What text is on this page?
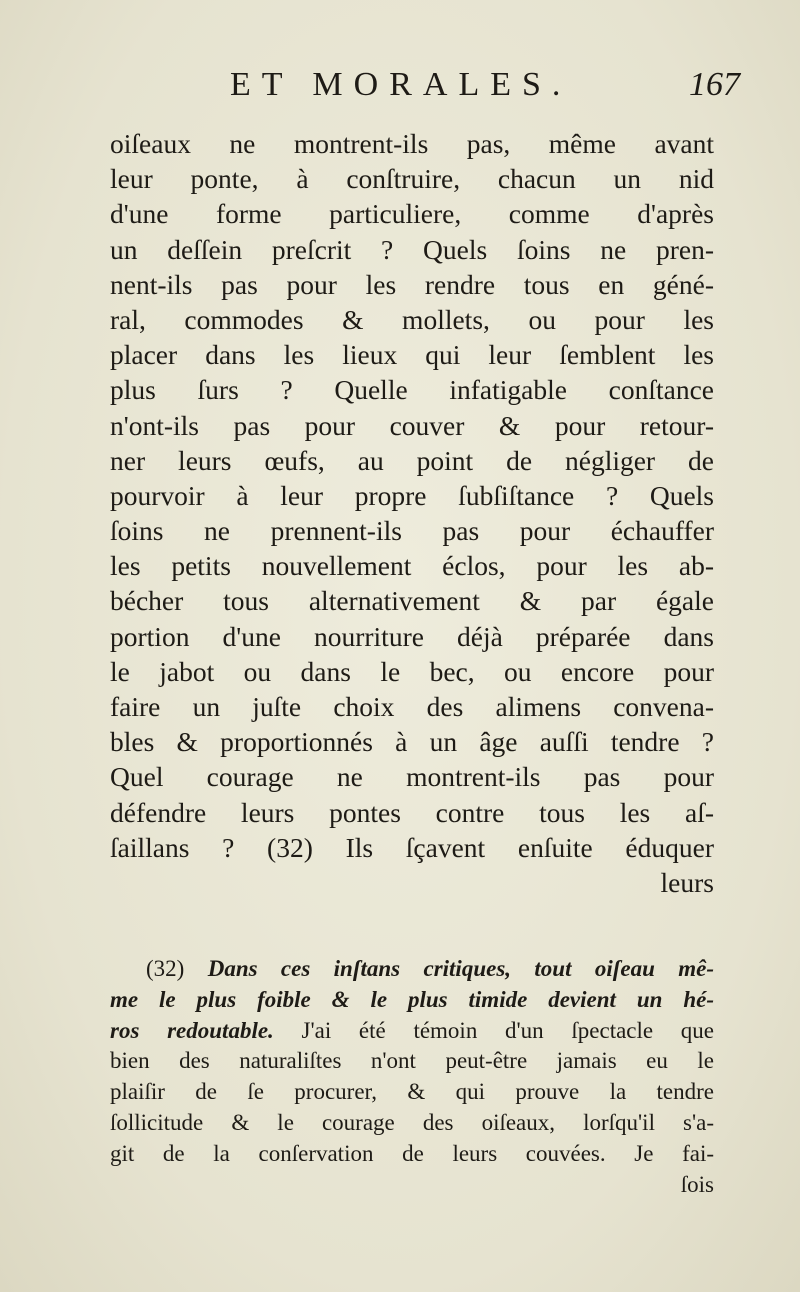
ET MORALES.	167
oiſeaux ne montrent-ils pas, même avant
leur ponte, à conſtruire, chacun un nid
d'une forme particuliere, comme d'après
un deſſein preſcrit ? Quels ſoins ne pren-
nent-ils pas pour les rendre tous en géné-
ral, commodes & mollets, ou pour les
placer dans les lieux qui leur ſemblent les
plus ſurs ? Quelle infatigable conſtance
n'ont-ils pas pour couver & pour retour-
ner leurs œufs, au point de négliger de
pourvoir à leur propre ſubſiſtance ? Quels
ſoins ne prennent-ils pas pour échauffer
les petits nouvellement éclos, pour les ab-
bécher tous alternativement & par égale
portion d'une nourriture déjà préparée dans
le jabot ou dans le bec, ou encore pour
faire un juſte choix des alimens convena-
bles & proportionnés à un âge auſſi tendre ?
Quel courage ne montrent-ils pas pour
défendre leurs pontes contre tous les aſ-
ſaillans ? (32) Ils ſçavent enſuite éduquer
leurs
(32) Dans ces inſtans critiques, tout oiſeau mê-
me le plus foible & le plus timide devient un hé-
ros redoutable. J'ai été témoin d'un ſpectacle que
bien des naturaliſtes n'ont peut-être jamais eu le
plaiſir de ſe procurer, & qui prouve la tendre
ſollicitude & le courage des oiſeaux, lorſqu'il s'a-
git de la conſervation de leurs couvées. Je fai-
ſois
